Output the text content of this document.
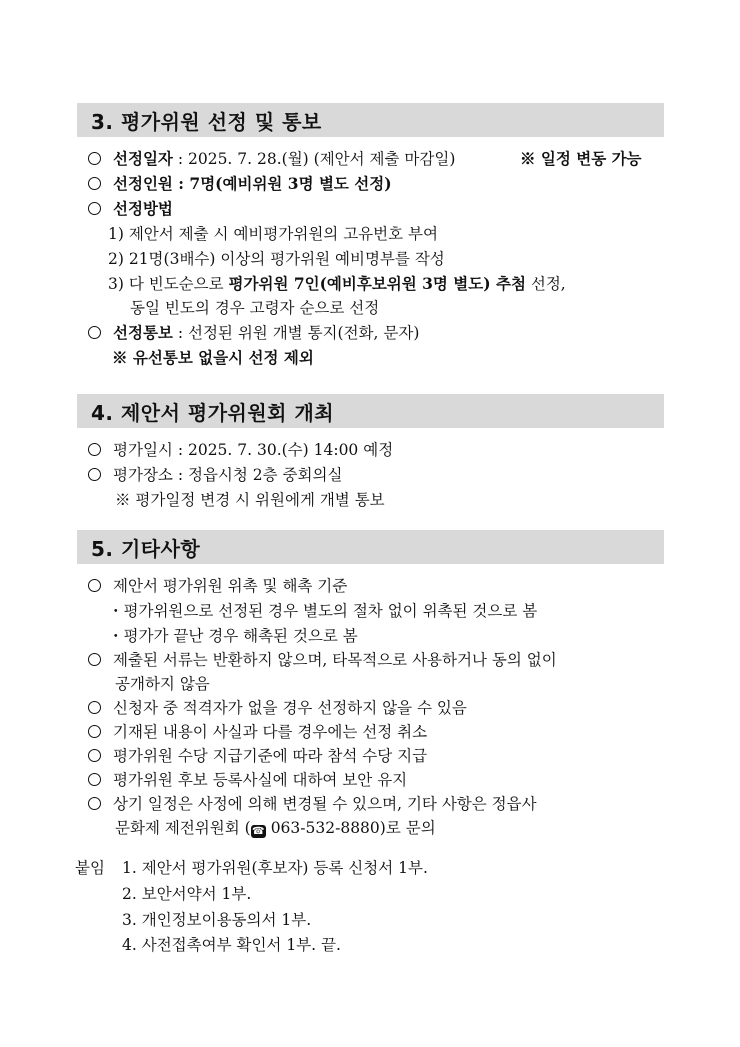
3. 평가위원 선정 및 통보
선정일자 : 2025. 7. 28.(월) (제안서 제출 마감일)	※ 일정 변동 가능
선정인원 : 7명(예비위원 3명 별도 선정)
선정방법
1) 제안서 제출 시 예비평가위원의 고유번호 부여
2) 21명(3배수) 이상의 평가위원 예비명부를 작성
3) 다 빈도순으로 평가위원 7인(예비후보위원 3명 별도) 추첨 선정,
동일 빈도의 경우 고령자 순으로 선정
선정통보 : 선정된 위원 개별 통지(전화, 문자)
※ 유선통보 없을시 선정 제외
4. 제안서 평가위원회 개최
평가일시 : 2025. 7. 30.(수) 14:00 예정
평가장소 : 정읍시청 2층 중회의실
※ 평가일정 변경 시 위원에게 개별 통보
5. 기타사항
제안서 평가위원 위촉 및 해촉 기준
・평가위원으로 선정된 경우 별도의 절차 없이 위촉된 것으로 봄
・평가가 끝난 경우 해촉된 것으로 봄
제출된 서류는 반환하지 않으며, 타목적으로 사용하거나 동의 없이
공개하지 않음
신청자 중 적격자가 없을 경우 선정하지 않을 수 있음
기재된 내용이 사실과 다를 경우에는 선정 취소
평가위원 수당 지급기준에 따라 참석 수당 지급
평가위원 후보 등록사실에 대하여 보안 유지
상기 일정은 사정에 의해 변경될 수 있으며, 기타 사항은 정읍사
문화제 제전위원회 (☎ 063-532-8880)로 문의
붙임 1. 제안서 평가위원(후보자) 등록 신청서 1부.
2. 보안서약서 1부.
3. 개인정보이용동의서 1부.
4. 사전접촉여부 확인서 1부. 끝.
